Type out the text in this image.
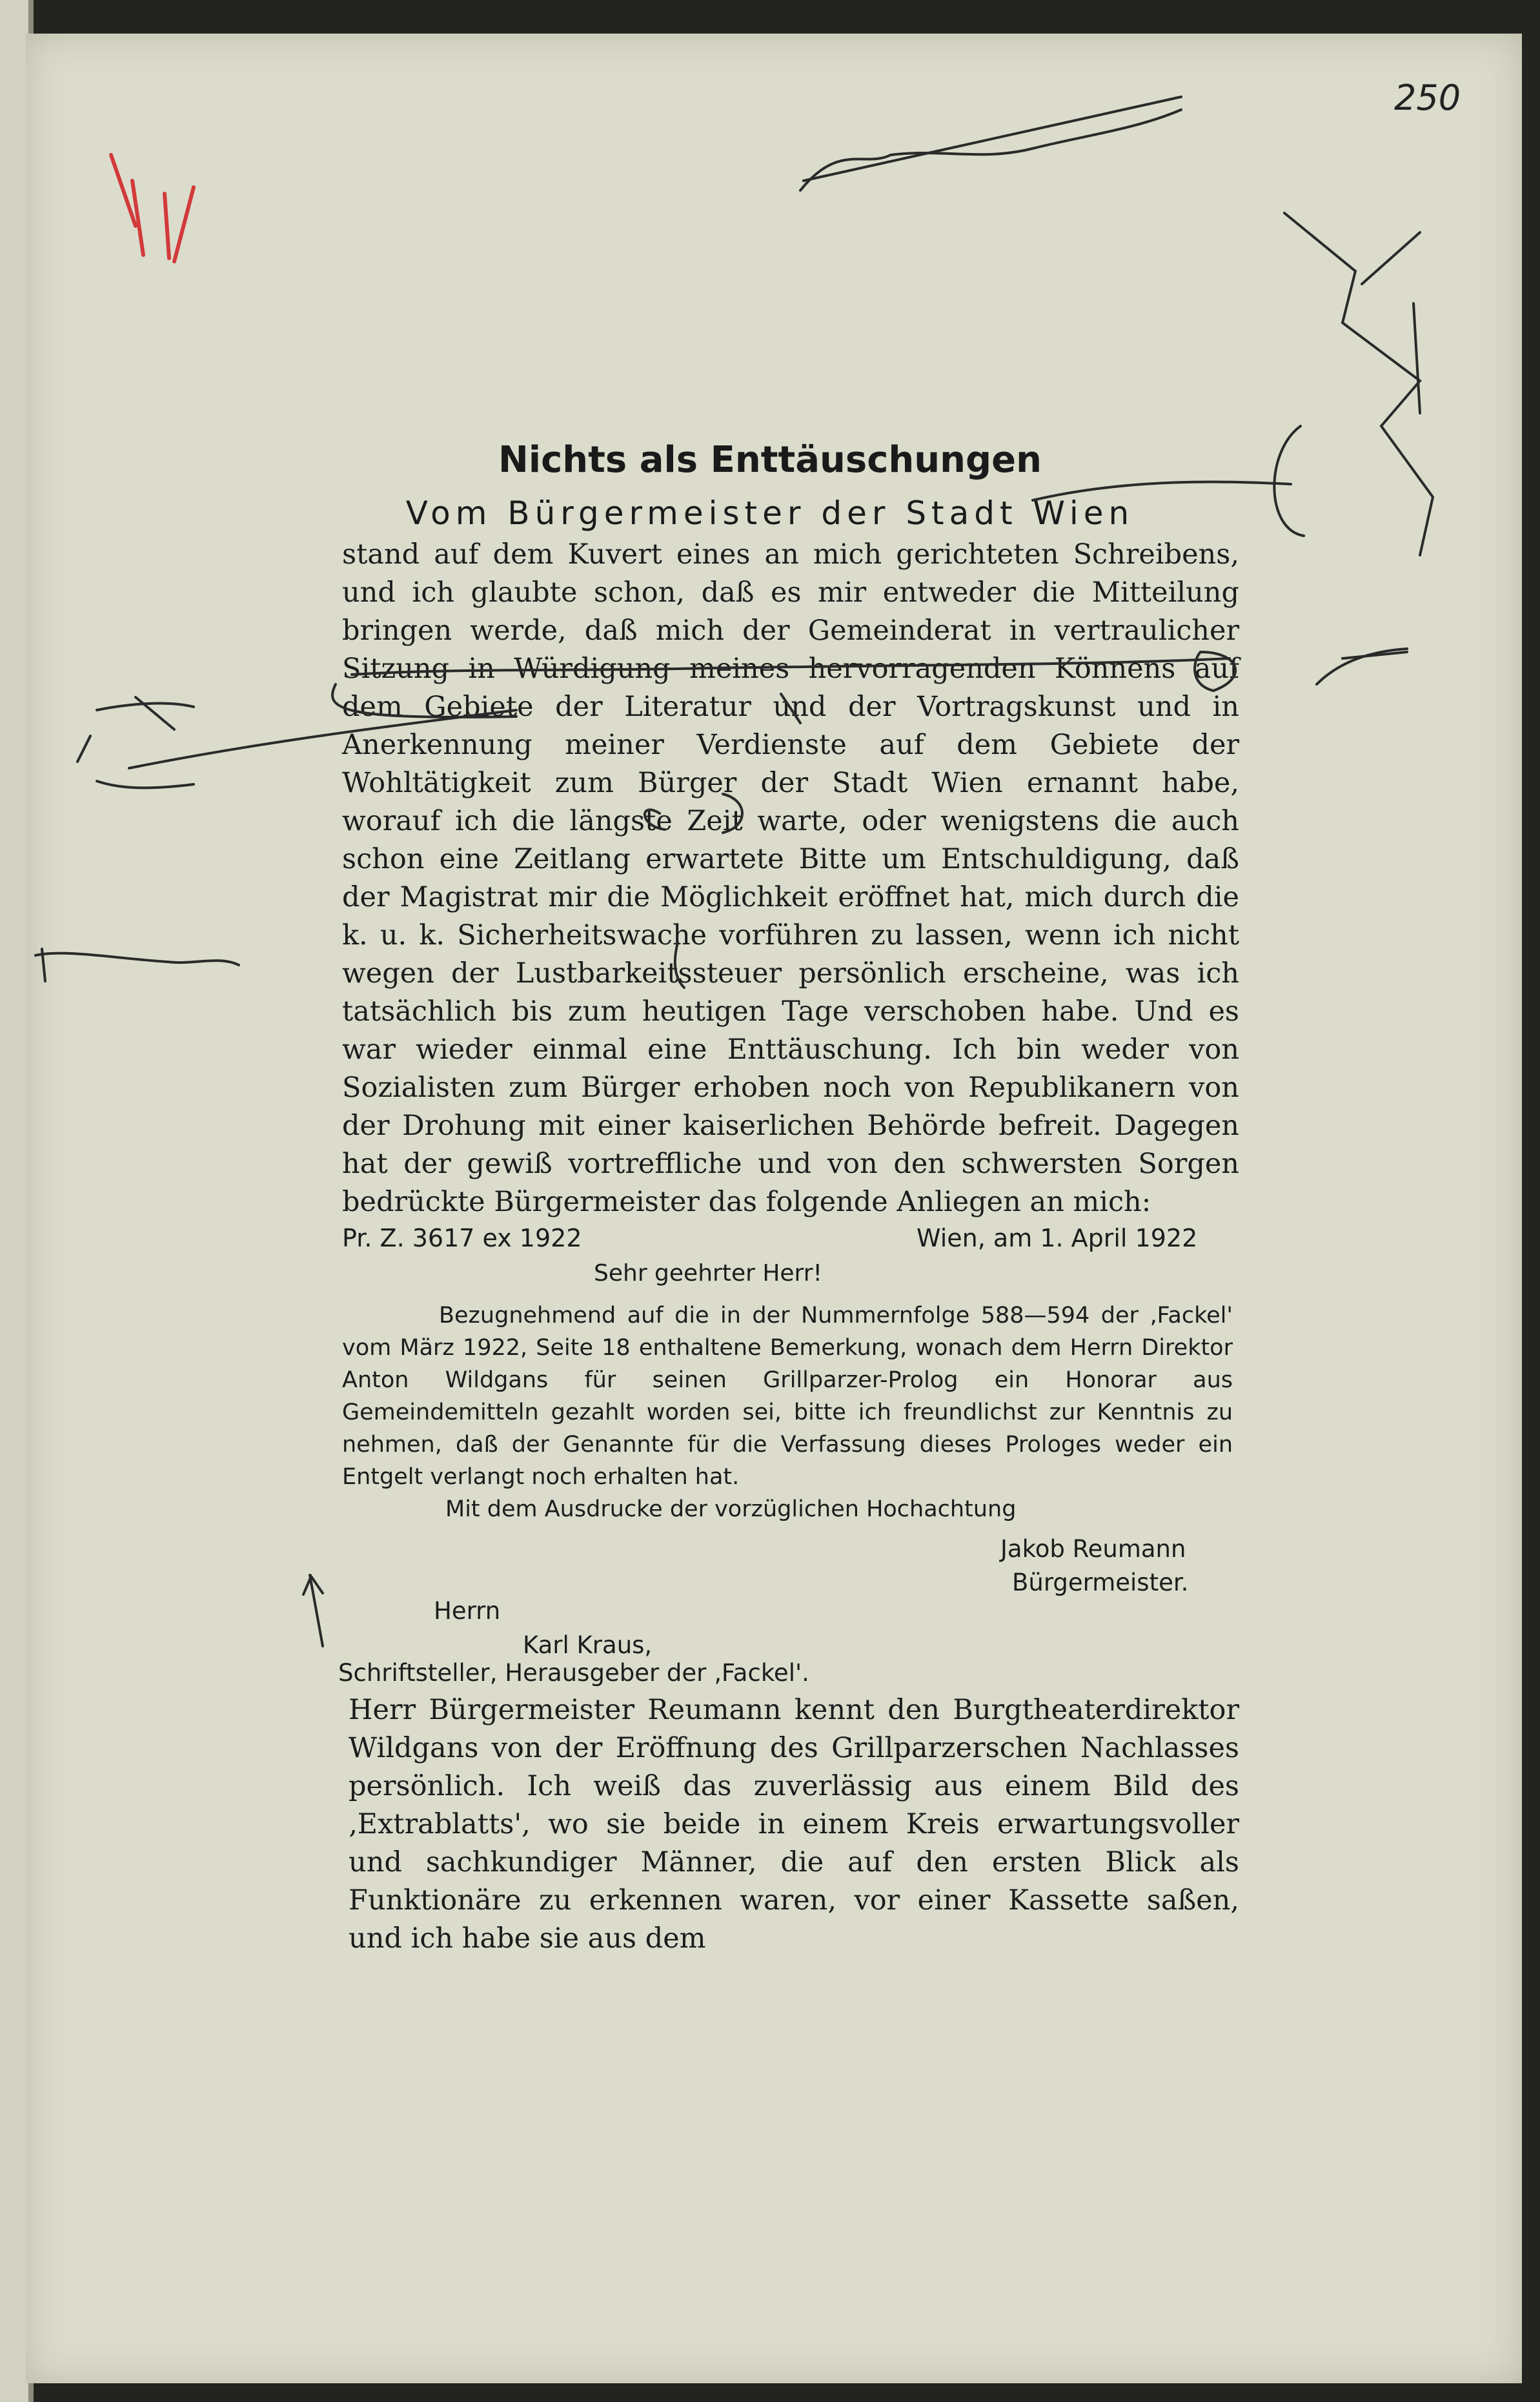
250
Nichts als Enttäuschungen
Vom Bürgermeister der Stadt Wien

stand auf dem Kuvert eines an mich gerichteten Schreibens, und ich glaubte schon, daß es mir entweder die Mitteilung bringen werde, daß mich der Gemeinderat in vertraulicher Sitzung in Würdigung meines hervorragenden Könnens auf dem Gebiete der Literatur und der Vortragskunst und in Anerkennung meiner Verdienste auf dem Gebiete der Wohltätigkeit zum Bürger der Stadt Wien ernannt habe, worauf ich die längste Zeit warte, oder wenigstens die auch schon eine Zeitlang erwartete Bitte um Entschuldigung, daß der Magistrat mir die Möglichkeit eröffnet hat, mich durch die k. u. k. Sicherheitswache vorführen zu lassen, wenn ich nicht wegen der Lustbarkeitssteuer persönlich erscheine, was ich tatsächlich bis zum heutigen Tage verschoben habe. Und es war wieder einmal eine Enttäuschung. Ich bin weder von Sozialisten zum Bürger erhoben noch von Republikanern von der Drohung mit einer kaiserlichen Behörde befreit. Dagegen hat der gewiß vortreffliche und von den schwersten Sorgen bedrückte Bürgermeister das folgende Anliegen an mich:

Pr. Z. 3617 ex 1922	Wien, am 1. April 1922
Sehr geehrter Herr!

Bezugnehmend auf die in der Nummernfolge 588—594 der ‚Fackel' vom März 1922, Seite 18 enthaltene Bemerkung, wonach dem Herrn Direktor Anton Wildgans für seinen Grillparzer-Prolog ein Honorar aus Gemeindemitteln gezahlt worden sei, bitte ich freundlichst zur Kenntnis zu nehmen, daß der Genannte für die Verfassung dieses Prologes weder ein Entgelt verlangt noch erhalten hat.

Mit dem Ausdrucke der vorzüglichen Hochachtung
Jakob Reumann
Bürgermeister.
Herrn
Karl Kraus,
Schriftsteller, Herausgeber der ‚Fackel'.

Herr Bürgermeister Reumann kennt den Burgtheaterdirektor Wildgans von der Eröffnung des Grillparzerschen Nachlasses persönlich. Ich weiß das zuverlässig aus einem Bild des ‚Extrablatts', wo sie beide in einem Kreis erwartungsvoller und sachkundiger Männer, die auf den ersten Blick als Funktionäre zu erkennen waren, vor einer Kassette saßen, und ich habe sie aus dem
